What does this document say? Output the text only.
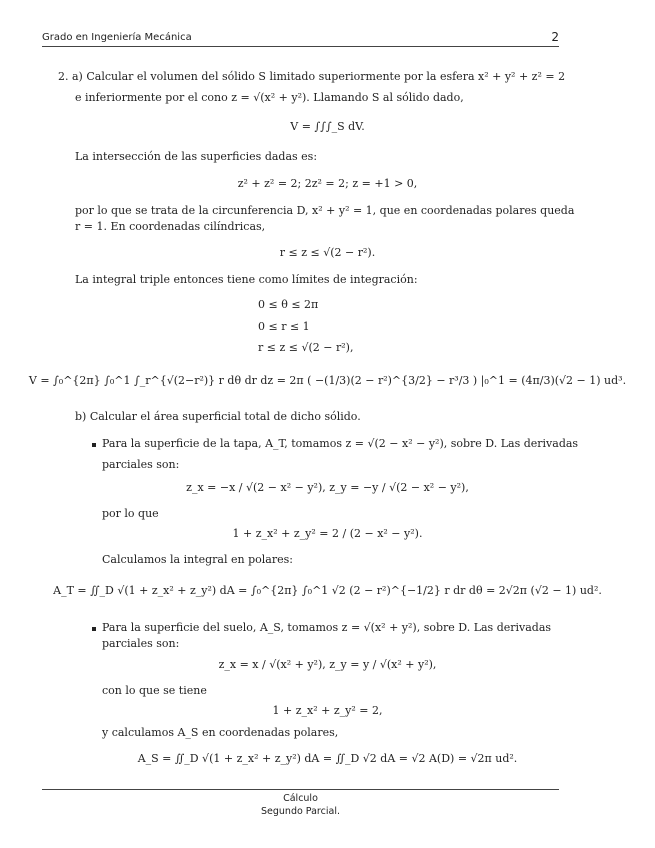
Grado en Ingeniería Mecánica	2
2. a) Calcular el volumen del sólido S limitado superiormente por la esfera x² + y² + z² = 2
e inferiormente por el cono z = √(x² + y²). Llamando S al sólido dado,
V = ∫∫∫_S dV.
La intersección de las superficies dadas es:
z² + z² = 2; 2z² = 2; z = +1 > 0,
por lo que se trata de la circunferencia D, x² + y² = 1, que en coordenadas polares queda
r = 1. En coordenadas cilíndricas,
r ≤ z ≤ √(2 − r²).
La integral triple entonces tiene como límites de integración:
0 ≤ θ ≤ 2π
0 ≤ r ≤ 1
r ≤ z ≤ √(2 − r²),
V = ∫₀^{2π} ∫₀^1 ∫_r^{√(2−r²)} r dθ dr dz = 2π ( −(1/3)(2 − r²)^{3/2} − r³/3 ) |₀^1 = (4π/3)(√2 − 1) ud³.
b) Calcular el área superficial total de dicho sólido.
Para la superficie de la tapa, A_T, tomamos z = √(2 − x² − y²), sobre D. Las derivadas
parciales son:
z_x = −x / √(2 − x² − y²), z_y = −y / √(2 − x² − y²),
por lo que
1 + z_x² + z_y² = 2 / (2 − x² − y²).
Calculamos la integral en polares:
A_T = ∬_D √(1 + z_x² + z_y²) dA = ∫₀^{2π} ∫₀^1 √2 (2 − r²)^{−1/2} r dr dθ = 2√2π (√2 − 1) ud².
Para la superficie del suelo, A_S, tomamos z = √(x² + y²), sobre D. Las derivadas
parciales son:
z_x = x / √(x² + y²), z_y = y / √(x² + y²),
con lo que se tiene
1 + z_x² + z_y² = 2,
y calculamos A_S en coordenadas polares,
A_S = ∬_D √(1 + z_x² + z_y²) dA = ∬_D √2 dA = √2 A(D) = √2π ud².
Cálculo
Segundo Parcial.
